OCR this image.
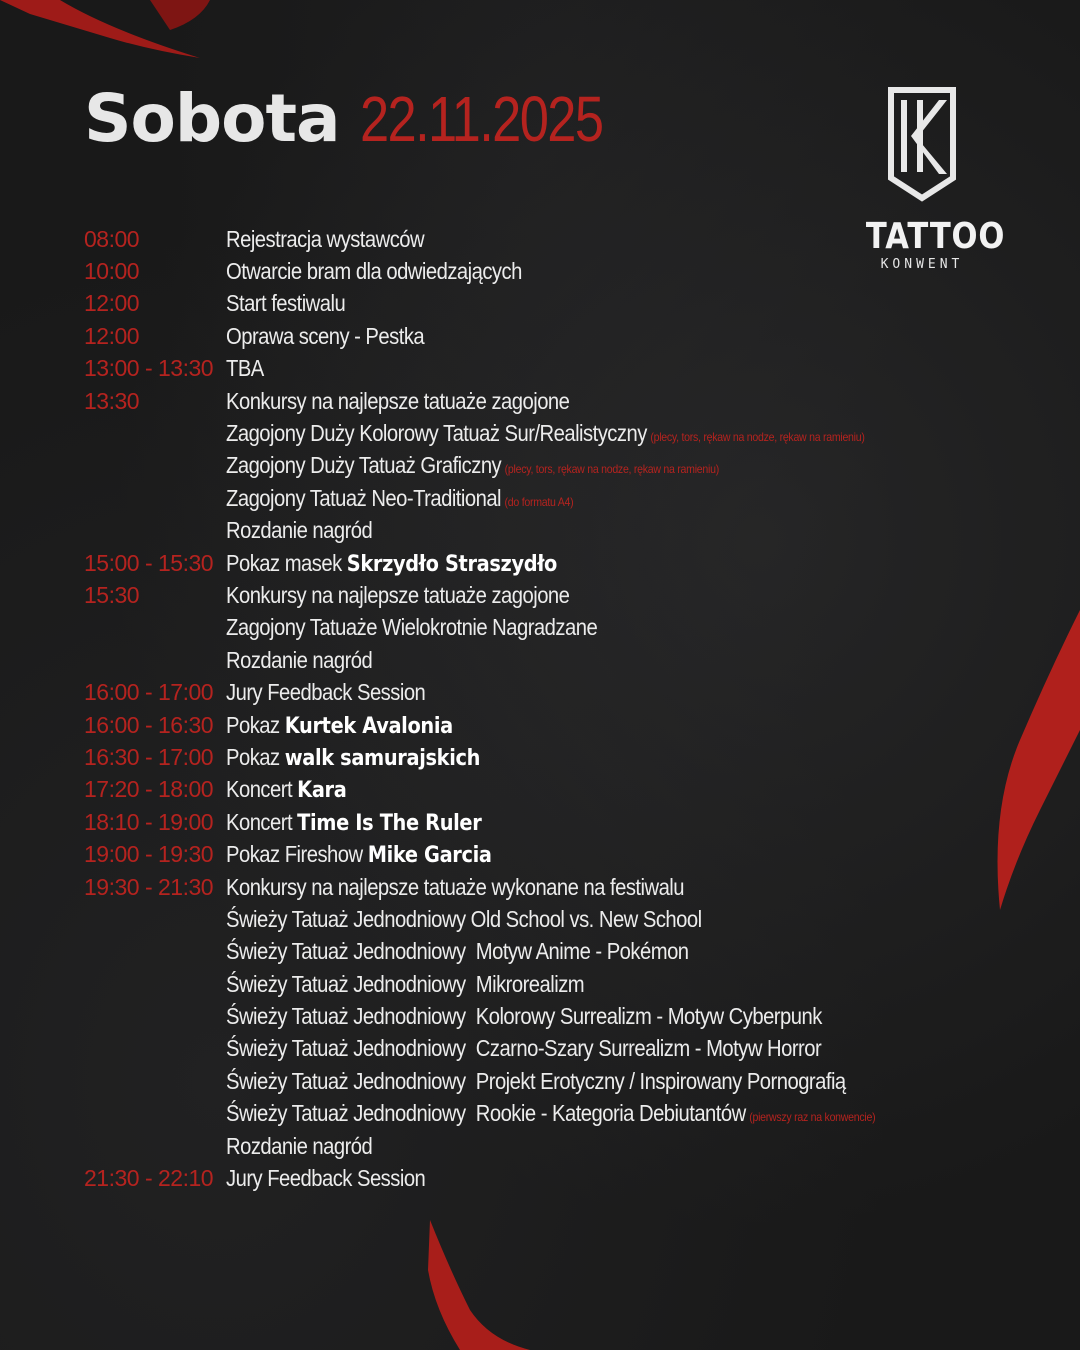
Sobota 22.11.2025
TATTOO
KONWENT
08:00	Rejestracja wystawców
10:00	Otwarcie bram dla odwiedzających
12:00	Start festiwalu
12:00	Oprawa sceny - Pestka
13:00 - 13:30 TBA
13:30	Konkursy na najlepsze tatuaże zagojone
Zagojony Duży Kolorowy Tatuaż Sur/Realistyczny (plecy, tors, rękaw na nodze, rękaw na ramieniu)
Zagojony Duży Tatuaż Graficzny (plecy, tors, rękaw na nodze, rękaw na ramieniu)
Zagojony Tatuaż Neo-Traditional (do formatu A4)
Rozdanie nagród
15:00 - 15:30 Pokaz masek Skrzydło Straszydło
15:30	Konkursy na najlepsze tatuaże zagojone
Zagojony Tatuaże Wielokrotnie Nagradzane
Rozdanie nagród
16:00 - 17:00 Jury Feedback Session
16:00 - 16:30 Pokaz Kurtek Avalonia
16:30 - 17:00 Pokaz walk samurajskich
17:20 - 18:00 Koncert Kara
18:10 - 19:00 Koncert Time Is The Ruler
19:00 - 19:30 Pokaz Fireshow Mike Garcia
19:30 - 21:30 Konkursy na najlepsze tatuaże wykonane na festiwalu
Świeży Tatuaż Jednodniowy Old School vs. New School
Świeży Tatuaż Jednodniowy  Motyw Anime - Pokémon
Świeży Tatuaż Jednodniowy  Mikrorealizm
Świeży Tatuaż Jednodniowy  Kolorowy Surrealizm - Motyw Cyberpunk
Świeży Tatuaż Jednodniowy  Czarno-Szary Surrealizm - Motyw Horror
Świeży Tatuaż Jednodniowy  Projekt Erotyczny / Inspirowany Pornografią
Świeży Tatuaż Jednodniowy  Rookie - Kategoria Debiutantów (pierwszy raz na konwencie)
Rozdanie nagród
21:30 - 22:10 Jury Feedback Session
